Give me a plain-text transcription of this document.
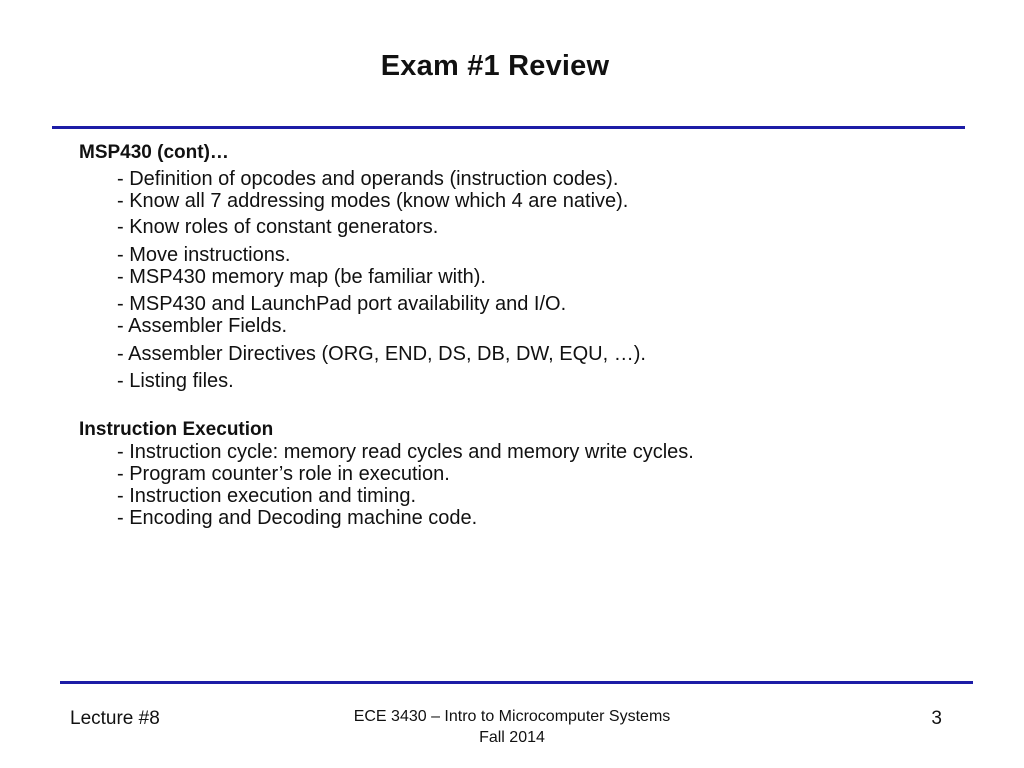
Exam #1 Review
MSP430 (cont)…
- Definition of opcodes and operands (instruction codes).
- Know all 7 addressing modes (know which 4 are native).
- Know roles of constant generators.
- Move instructions.
- MSP430 memory map (be familiar with).
- MSP430 and LaunchPad port availability and I/O.
- Assembler Fields.
- Assembler Directives (ORG, END, DS, DB, DW, EQU, …).
- Listing files.
Instruction Execution
- Instruction cycle: memory read cycles and memory write cycles.
- Program counter’s role in execution.
- Instruction execution and timing.
- Encoding and Decoding machine code.
Lecture #8	ECE 3430 – Intro to Microcomputer Systems
Fall 2014
3
